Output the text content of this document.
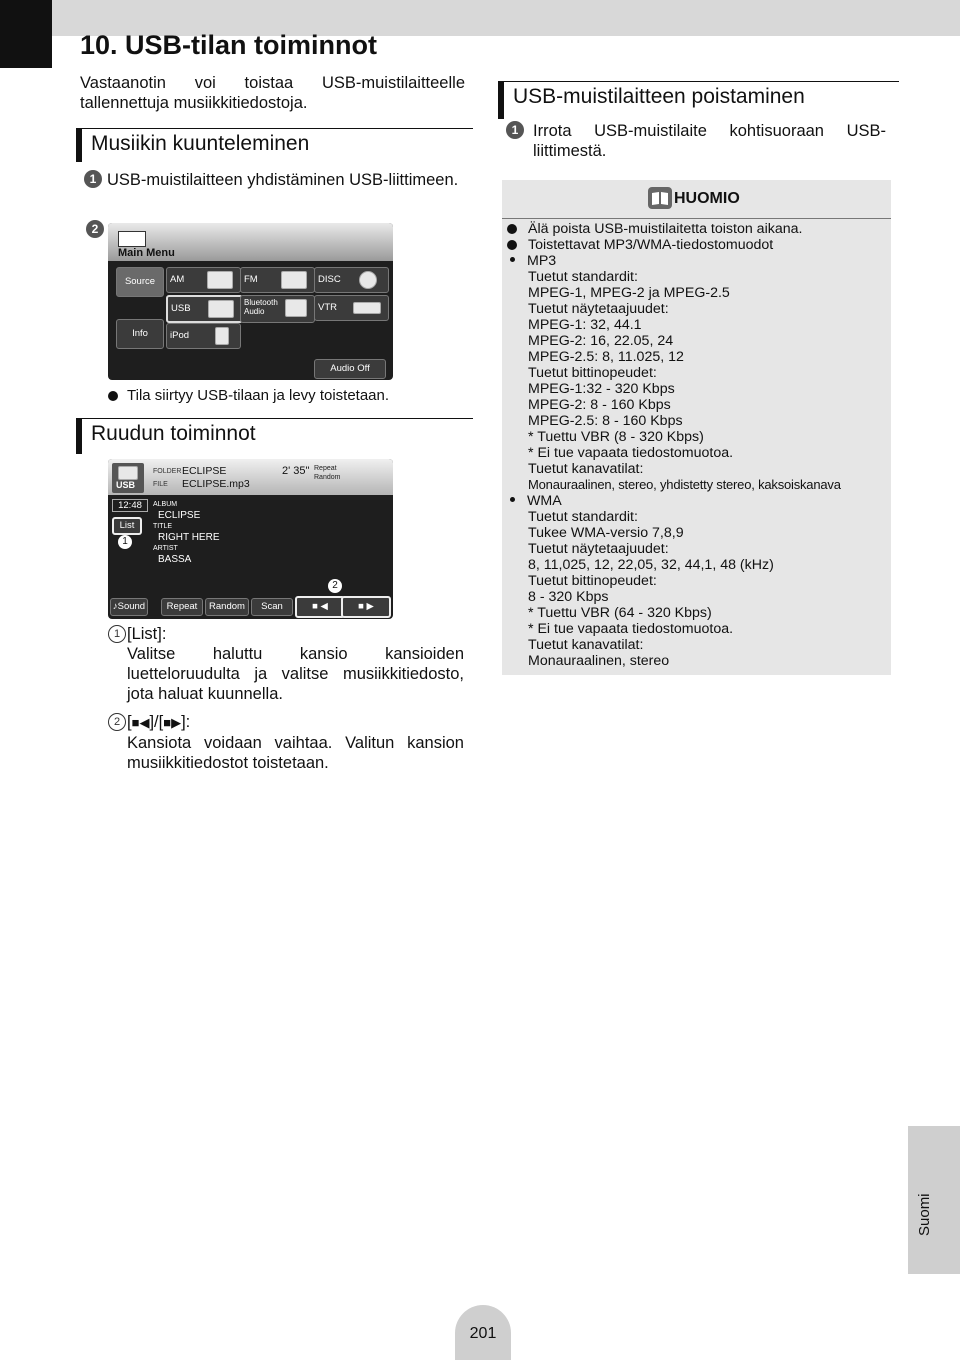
10. USB-tilan toiminnot
Vastaanotin voi toistaa USB-muistilaitteelle tallennettuja musiikkitiedostoja.
Musiikin kuunteleminen
1 USB-muistilaitteen yhdistäminen USB-liittimeen.
2
Main Menu
Source
Info
AM	FM	DISC
USB
Bluetooth Audio	VTR
iPod
Audio Off
Tila siirtyy USB-tilaan ja levy toistetaan.
Ruudun toiminnot
USB
FOLDER ECLIPSE
FILE ECLIPSE.mp3
2' 35" Repeat
Random
12:48
List
1
ALBUM
ECLIPSE
TITLE
RIGHT HERE
ARTIST
BASSA
2
♪Sound	Repeat	Random	Scan	■ ◀	■ ▶
1 [List]:
Valitse haluttu kansio kansioiden luetteloruudulta ja valitse musiikkitiedosto, jota haluat kuunnella.
2 [■◀]/[■▶]:
Kansiota voidaan vaihtaa. Valitun kansion musiikkitiedostot toistetaan.
USB-muistilaitteen poistaminen
1 Irrota USB-muistilaite kohtisuoraan USB-liittimestä.
HUOMIO
Älä poista USB-muistilaitetta toiston aikana.
Toistettavat MP3/WMA-tiedostomuodot
MP3
Tuetut standardit:
MPEG-1, MPEG-2 ja MPEG-2.5
Tuetut näytetaajuudet:
MPEG-1: 32, 44.1
MPEG-2: 16, 22.05, 24
MPEG-2.5: 8, 11.025, 12
Tuetut bittinopeudet:
MPEG-1:32 - 320 Kbps
MPEG-2: 8 - 160 Kbps
MPEG-2.5: 8 - 160 Kbps
* Tuettu VBR (8 - 320 Kbps)
* Ei tue vapaata tiedostomuotoa.
Tuetut kanavatilat:
Monauraalinen, stereo, yhdistetty stereo, kaksoiskanava
WMA
Tuetut standardit:
Tukee WMA-versio 7,8,9
Tuetut näytetaajuudet:
8, 11,025, 12, 22,05, 32, 44,1, 48 (kHz)
Tuetut bittinopeudet:
8 - 320 Kbps
* Tuettu VBR (64 - 320 Kbps)
* Ei tue vapaata tiedostomuotoa.
Tuetut kanavatilat:
Monauraalinen, stereo
Suomi
201
